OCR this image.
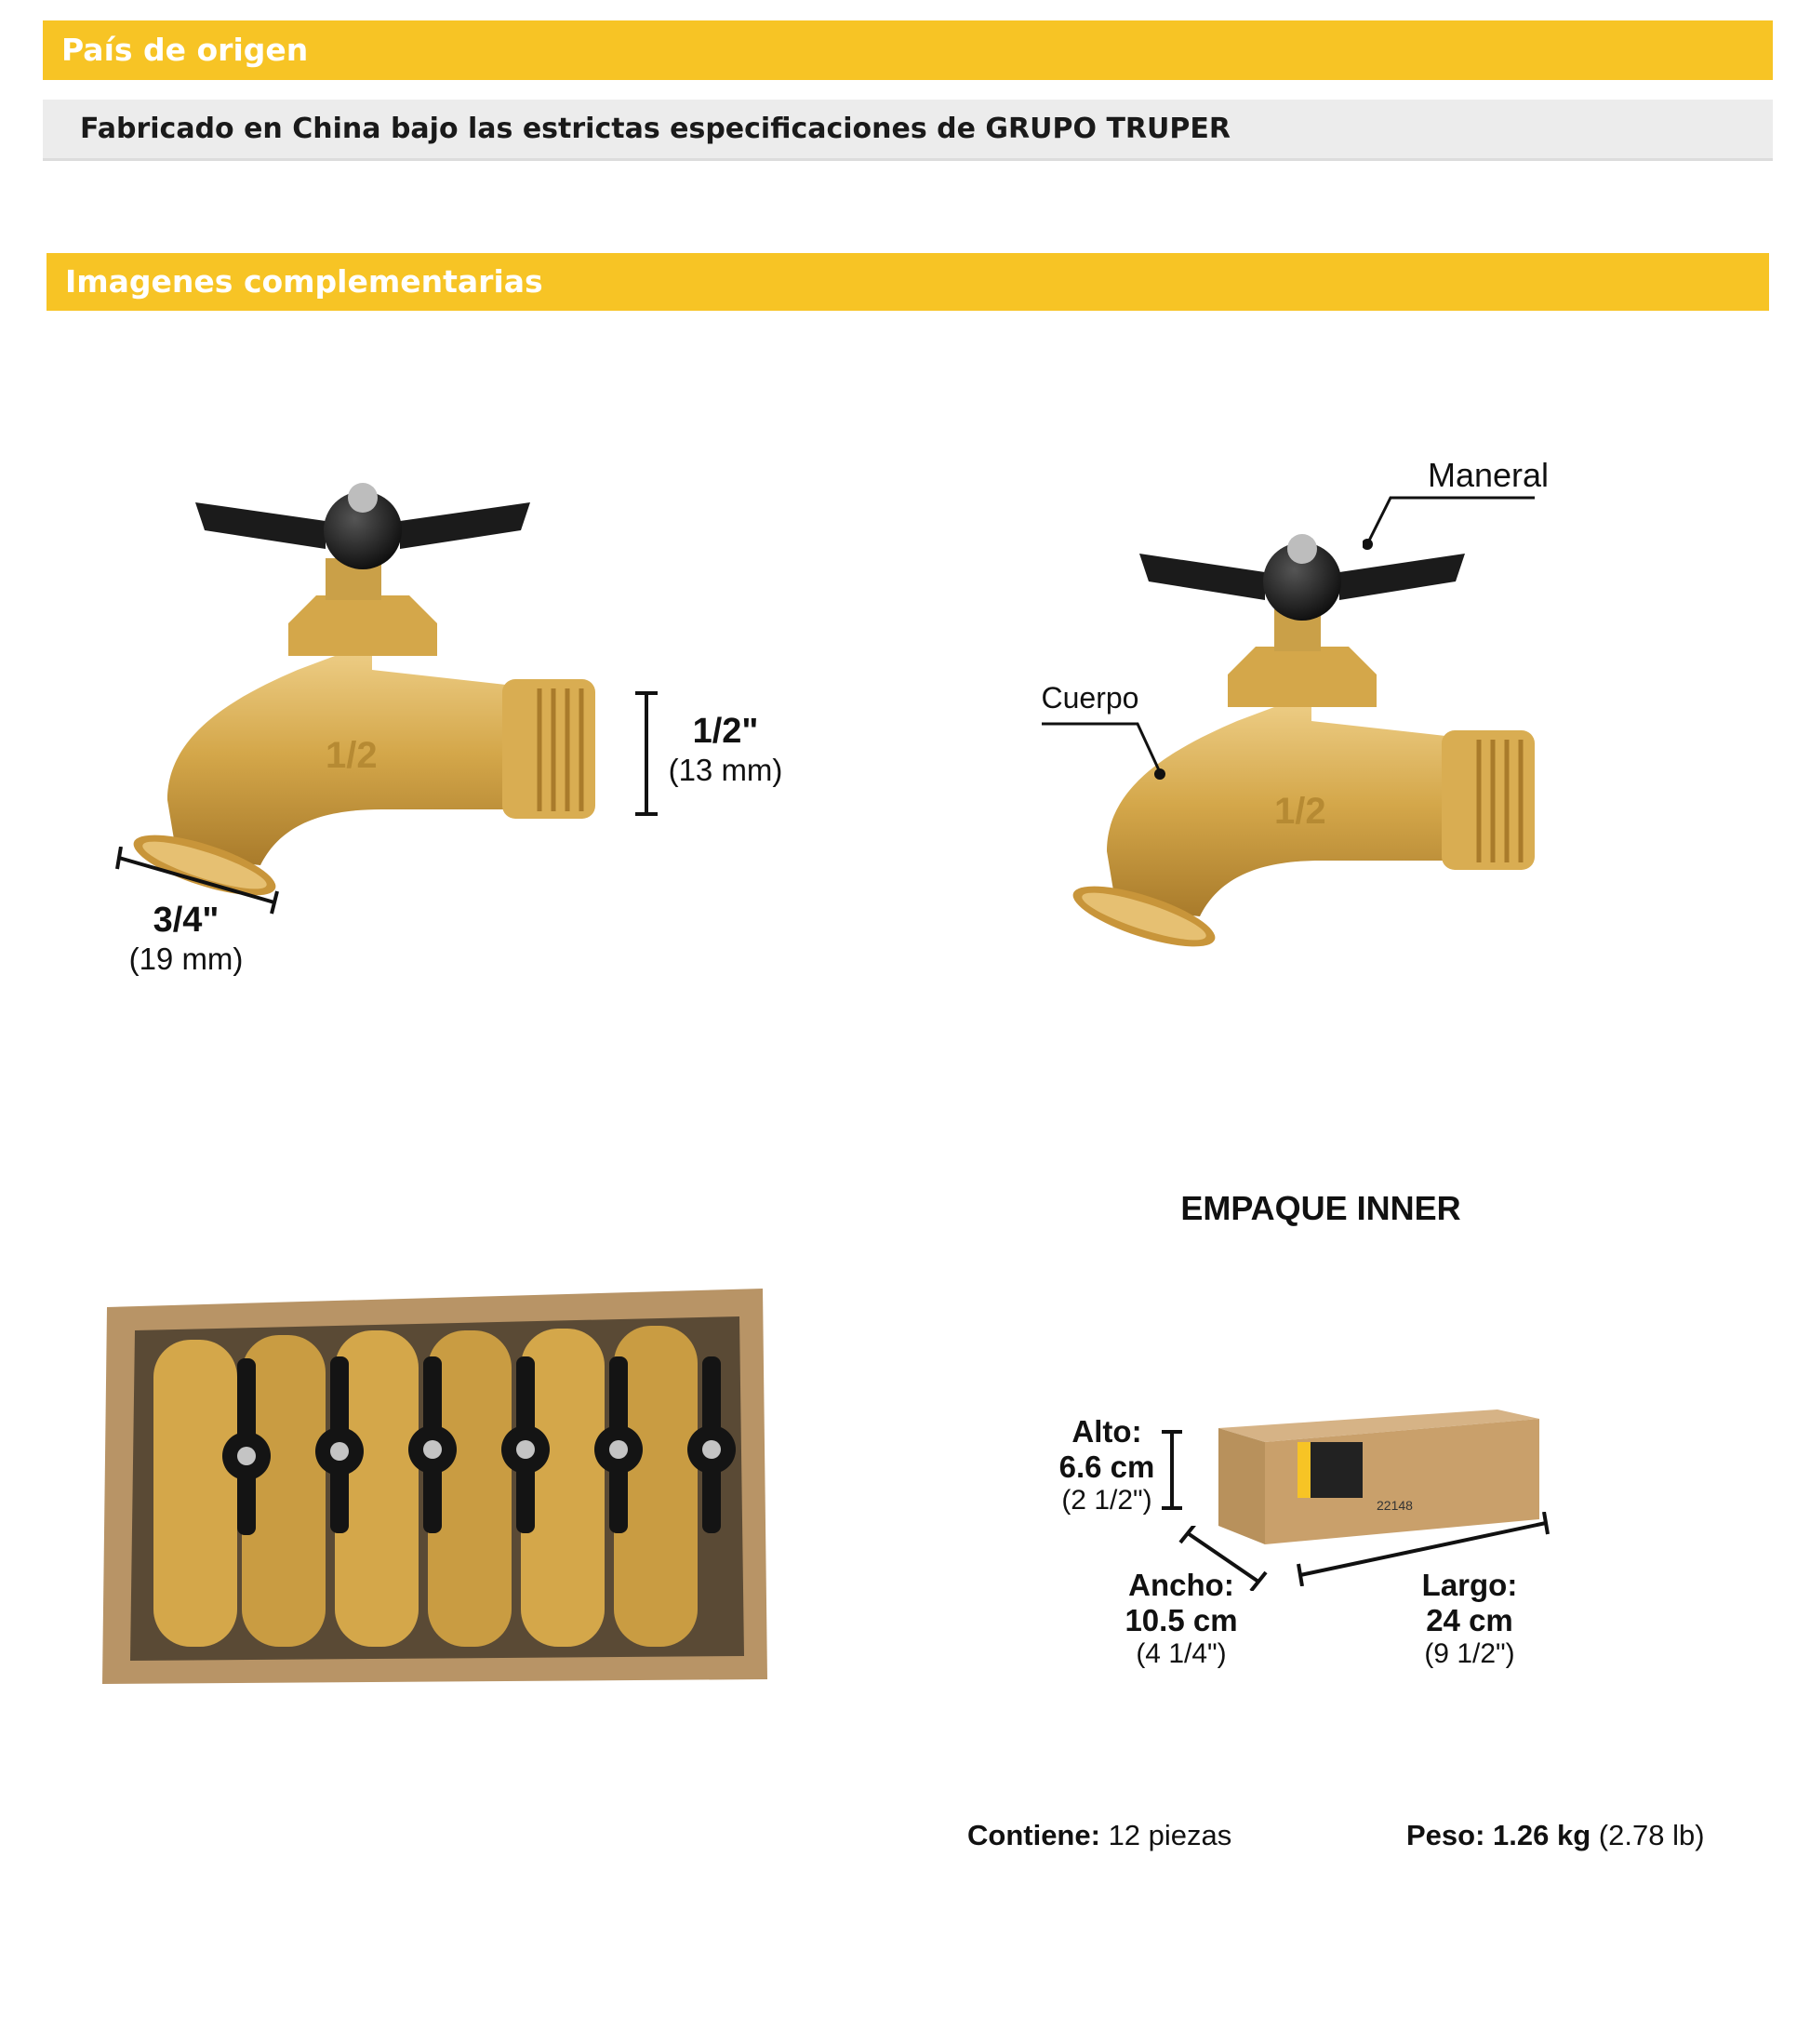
País de origen
Fabricado en China bajo las estrictas especificaciones de GRUPO TRUPER
Imagenes complementarias
1/2
1/2"
(13 mm)
3/4"
(19 mm)
1/2
Maneral
Cuerpo
EMPAQUE INNER
22148
Alto:
6.6 cm
(2 1/2")
Ancho:
10.5 cm
(4 1/4")
Largo:
24 cm
(9 1/2")
Contiene: 12 piezas	Peso: 1.26 kg (2.78 lb)
